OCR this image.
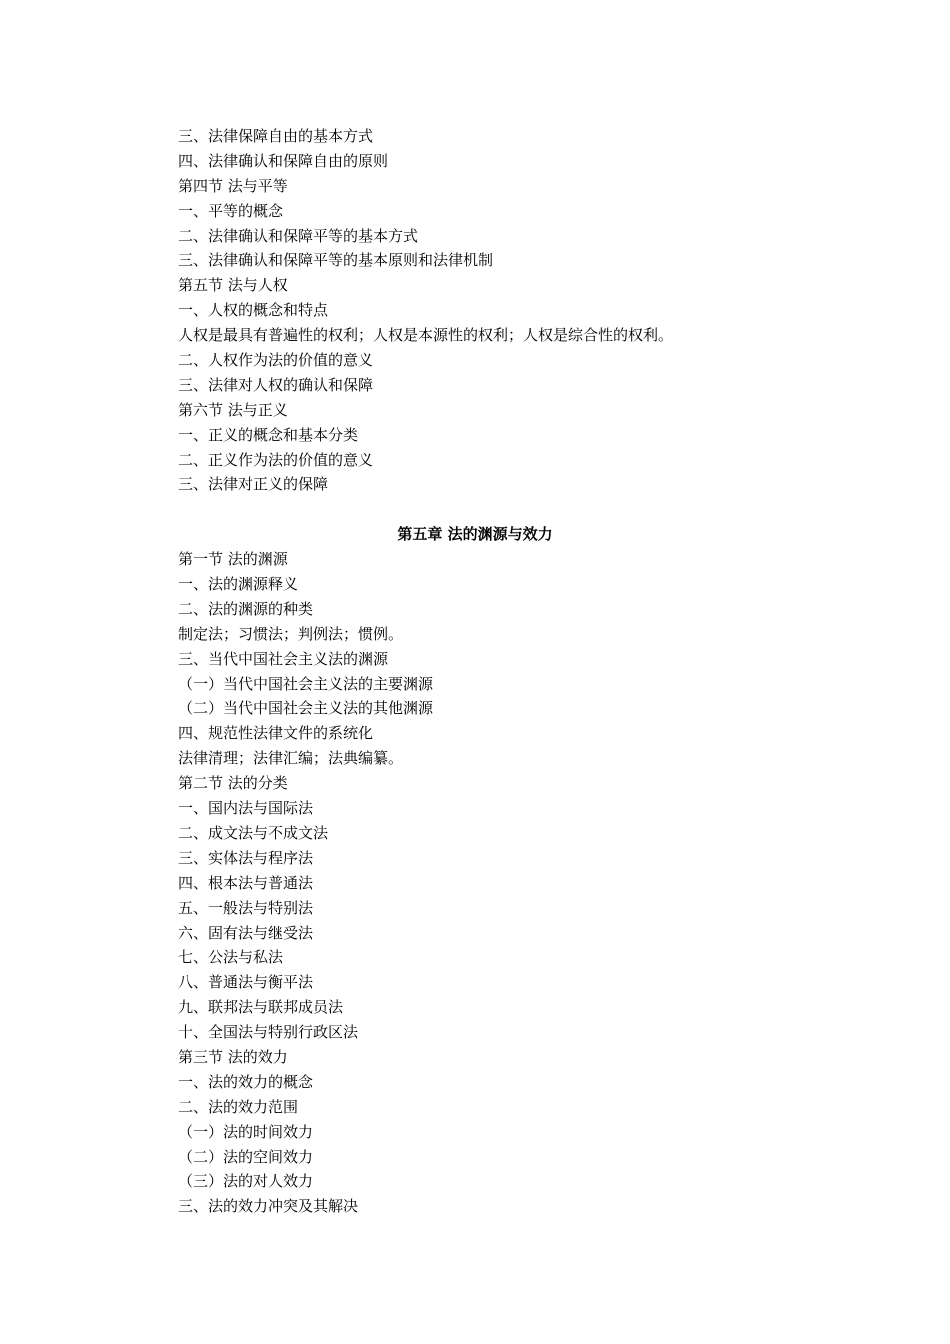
三、法律保障自由的基本方式
四、法律确认和保障自由的原则
第四节 法与平等
一、平等的概念
二、法律确认和保障平等的基本方式
三、法律确认和保障平等的基本原则和法律机制
第五节 法与人权
一、人权的概念和特点
人权是最具有普遍性的权利；人权是本源性的权利；人权是综合性的权利。
二、人权作为法的价值的意义
三、法律对人权的确认和保障
第六节 法与正义
一、正义的概念和基本分类
二、正义作为法的价值的意义
三、法律对正义的保障
第五章 法的渊源与效力
第一节 法的渊源
一、法的渊源释义
二、法的渊源的种类
制定法；习惯法；判例法；惯例。
三、当代中国社会主义法的渊源
（一）当代中国社会主义法的主要渊源
（二）当代中国社会主义法的其他渊源
四、规范性法律文件的系统化
法律清理；法律汇编；法典编纂。
第二节 法的分类
一、国内法与国际法
二、成文法与不成文法
三、实体法与程序法
四、根本法与普通法
五、一般法与特别法
六、固有法与继受法
七、公法与私法
八、普通法与衡平法
九、联邦法与联邦成员法
十、全国法与特别行政区法
第三节 法的效力
一、法的效力的概念
二、法的效力范围
（一）法的时间效力
（二）法的空间效力
（三）法的对人效力
三、法的效力冲突及其解决
